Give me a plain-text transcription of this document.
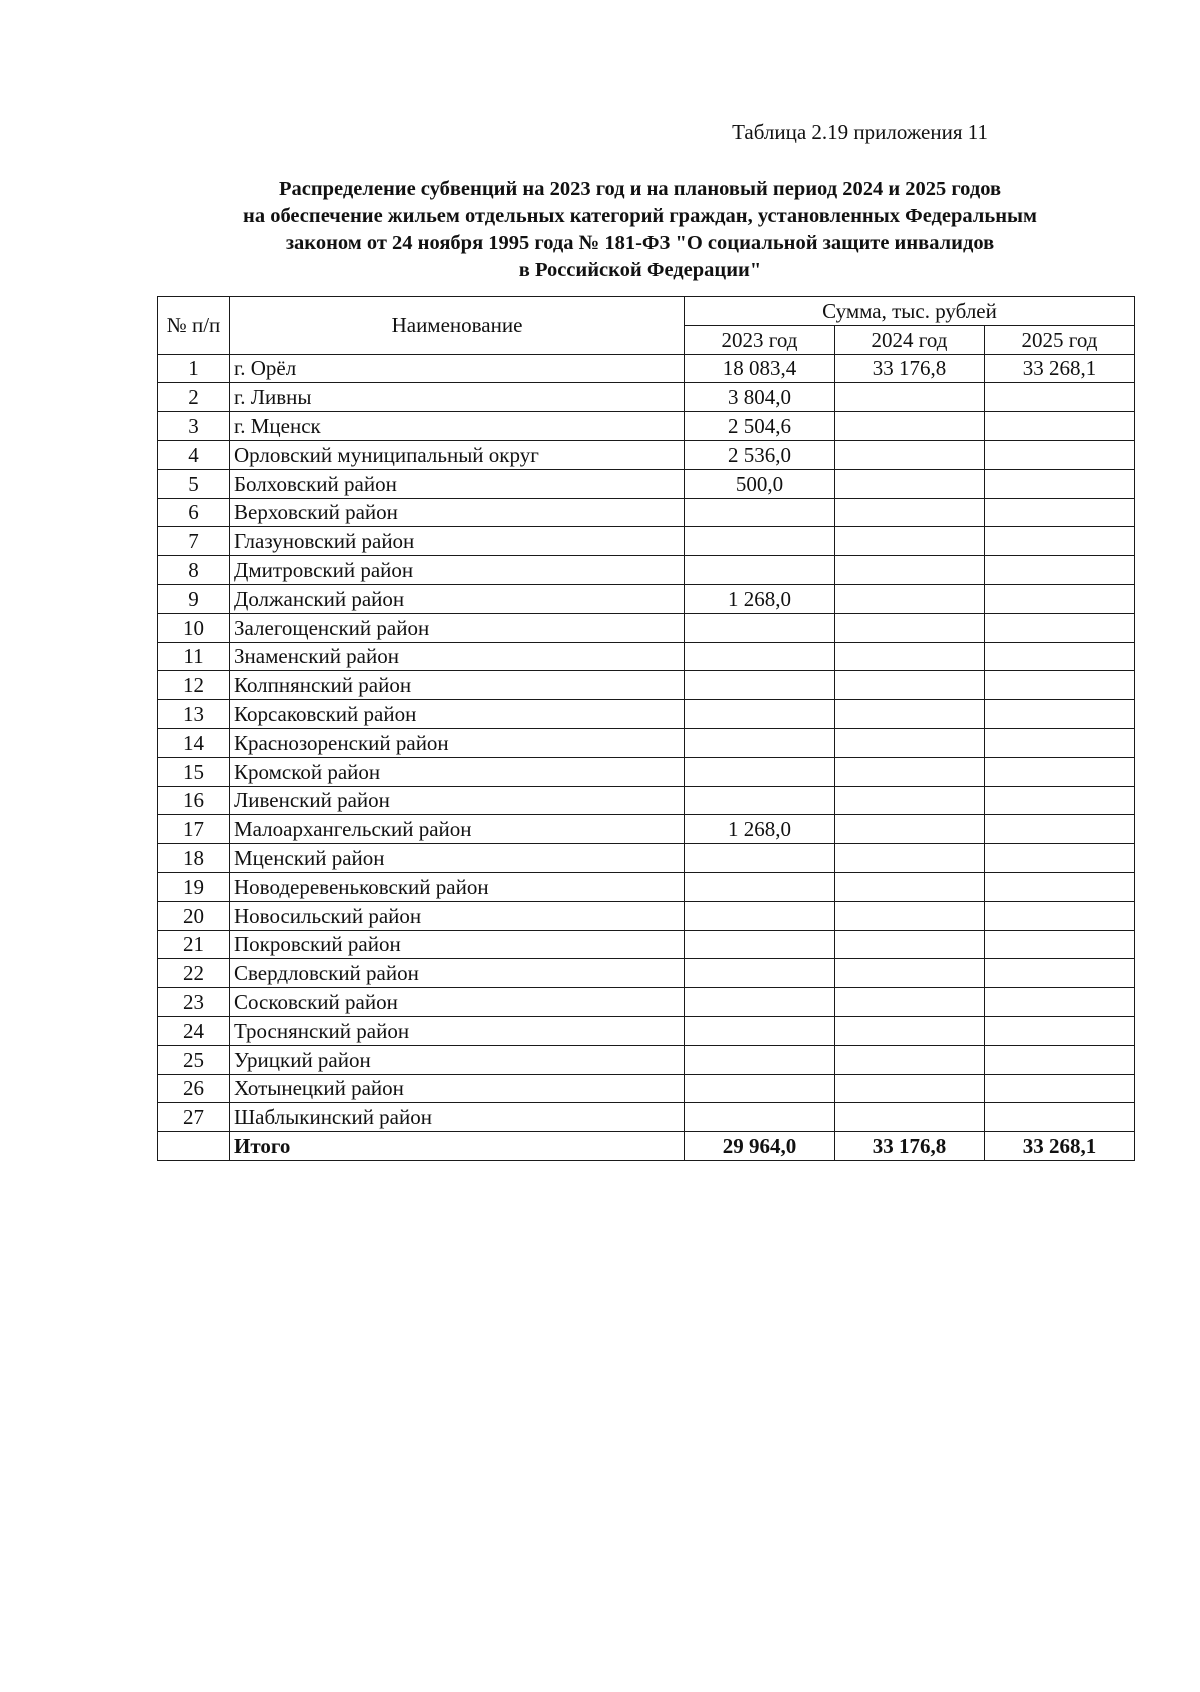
Таблица 2.19 приложения 11
Распределение субвенций на 2023 год и на плановый период 2024 и 2025 годов
на обеспечение жильем отдельных категорий граждан, установленных Федеральным
законом от 24 ноября 1995 года № 181-ФЗ "О социальной защите инвалидов
в Российской Федерации"
№ п/п	Наименование	Сумма, тыс. рублей		
		2023 год	2024 год	2025 год
1	г. Орёл	18 083,4	33 176,8	33 268,1
2	г. Ливны	3 804,0		
3	г. Мценск	2 504,6		
4	Орловский муниципальный округ	2 536,0		
5	Болховский район	500,0		
6	Верховский район			
7	Глазуновский район			
8	Дмитровский район			
9	Должанский район	1 268,0		
10	Залегощенский район			
11	Знаменский район			
12	Колпнянский район			
13	Корсаковский район			
14	Краснозоренский район			
15	Кромской район			
16	Ливенский район			
17	Малоархангельский район	1 268,0		
18	Мценский район			
19	Новодеревеньковский район			
20	Новосильский район			
21	Покровский район			
22	Свердловский район			
23	Сосковский район			
24	Троснянский район			
25	Урицкий район			
26	Хотынецкий район			
27	Шаблыкинский район			
	Итого	29 964,0	33 176,8	33 268,1
